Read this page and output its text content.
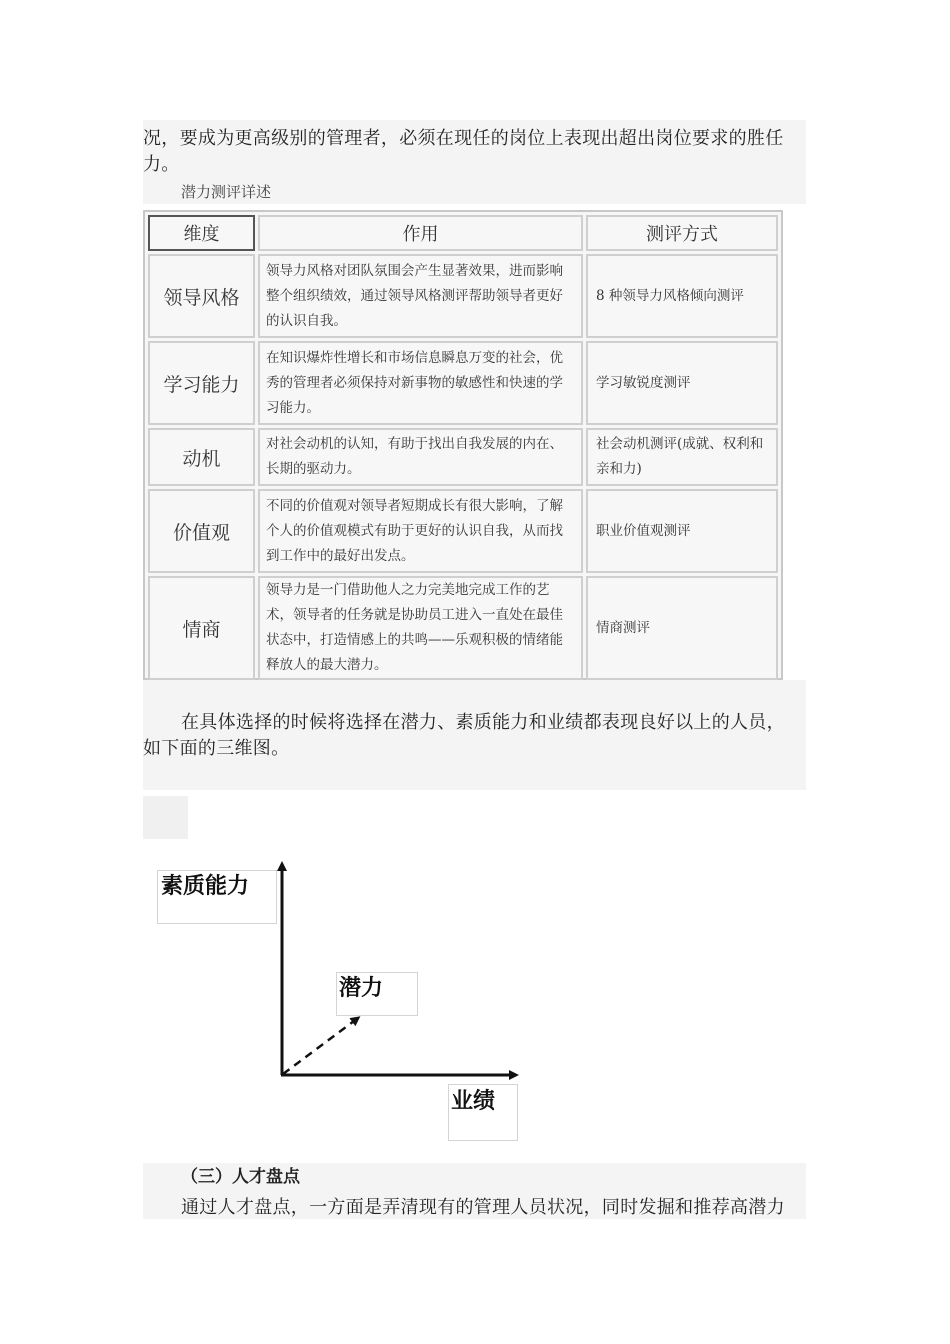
况，要成为更高级别的管理者，必须在现任的岗位上表现出超出岗位要求的胜任

力。

潜力测评详述
维度	作用	测评方式
领导风格	领导力风格对团队氛围会产生显著效果，进而影响整个组织绩效，通过领导风格测评帮助领导者更好的认识自我。	8 种领导力风格倾向测评
学习能力	在知识爆炸性增长和市场信息瞬息万变的社会，优秀的管理者必须保持对新事物的敏感性和快速的学习能力。	学习敏锐度测评
动机	对社会动机的认知，有助于找出自我发展的内在、长期的驱动力。	社会动机测评(成就、权利和亲和力)
价值观	不同的价值观对领导者短期成长有很大影响，了解个人的价值观模式有助于更好的认识自我，从而找到工作中的最好出发点。	职业价值观测评
情商	领导力是一门借助他人之力完美地完成工作的艺术，领导者的任务就是协助员工进入一直处在最佳状态中，打造情感上的共鸣——乐观积极的情绪能释放人的最大潜力。	情商测评

在具体选择的时候将选择在潜力、素质能力和业绩都表现良好以上的人员，

如下面的三维图。

素质能力
潜力
业绩
（三）人才盘点

通过人才盘点，一方面是弄清现有的管理人员状况，同时发掘和推荐高潜力
